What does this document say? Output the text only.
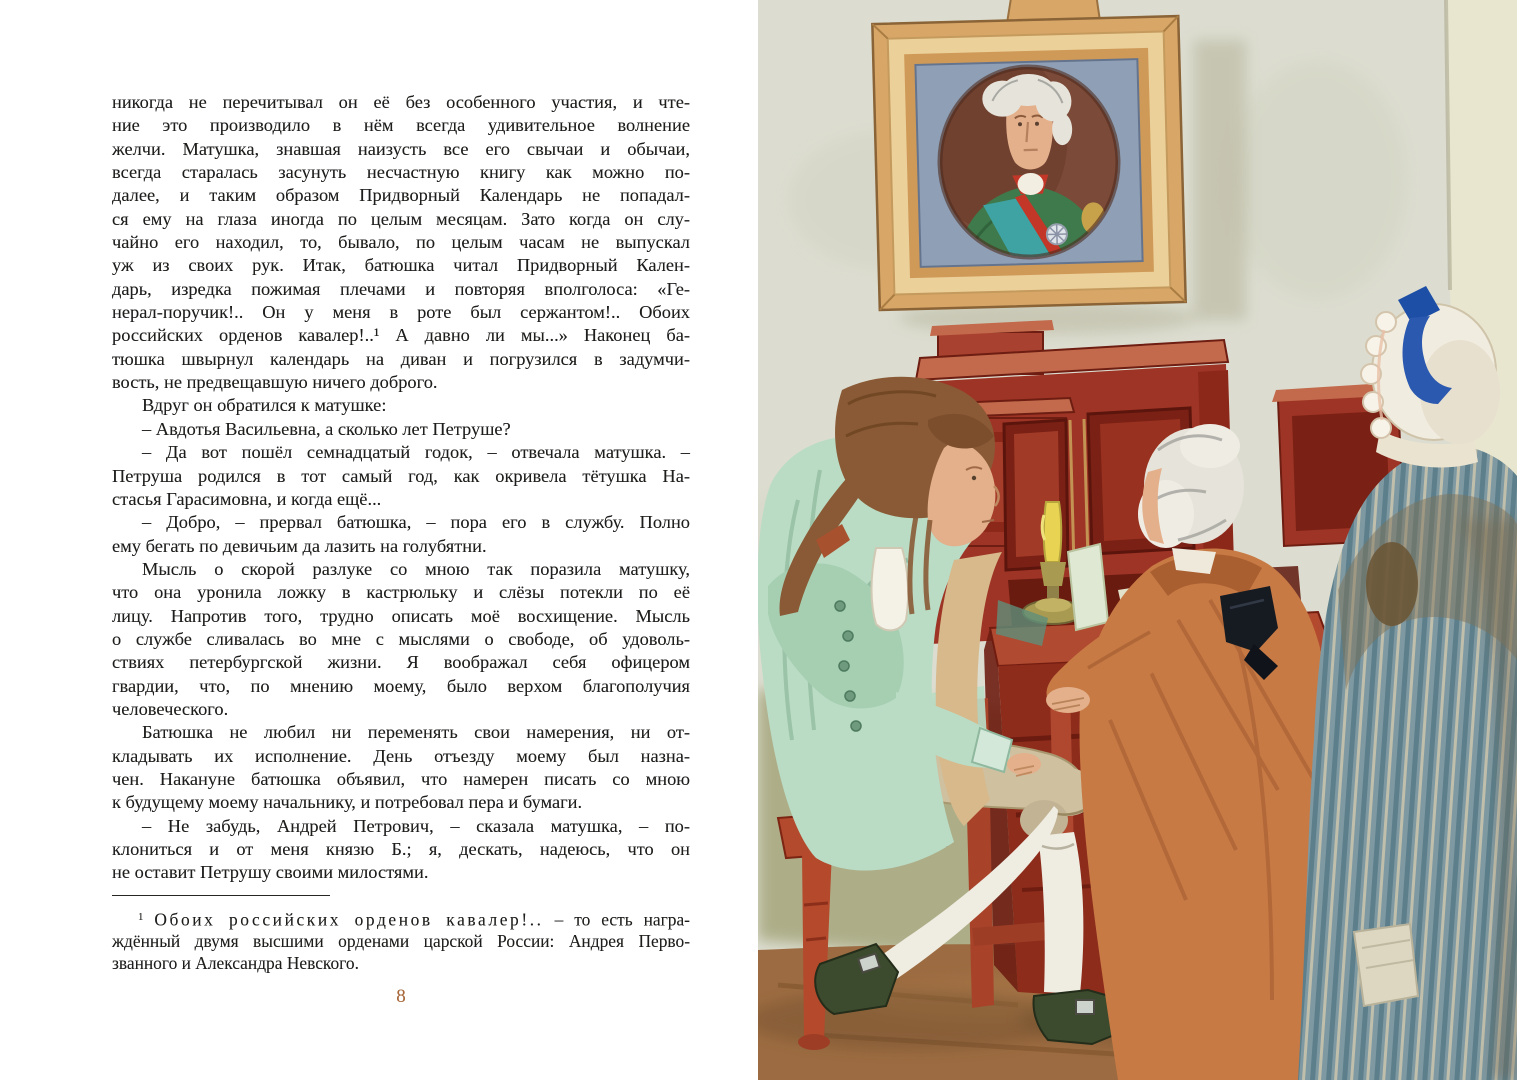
никогда не перечитывал он её без особенного участия, и чте-
ние это производило в нём всегда удивительное волнение
желчи. Матушка, знавшая наизусть все его свычаи и обычаи,
всегда старалась засунуть несчастную книгу как можно по-
далее, и таким образом Придворный Календарь не попадал-
ся ему на глаза иногда по целым месяцам. Зато когда он слу-
чайно его находил, то, бывало, по целым часам не выпускал
уж из своих рук. Итак, батюшка читал Придворный Кален-
дарь, изредка пожимая плечами и повторяя вполголоса: «Ге-
нерал-поручик!.. Он у меня в роте был сержантом!.. Обоих
российских орденов кавалер!..¹ А давно ли мы...» Наконец ба-
тюшка швырнул календарь на диван и погрузился в задумчи-
вость, не предвещавшую ничего доброго.
Вдруг он обратился к матушке:
– Авдотья Васильевна, а сколько лет Петруше?
– Да вот пошёл семнадцатый годок, – отвечала матушка. –
Петруша родился в тот самый год, как окривела тётушка На-
стасья Гарасимовна, и когда ещё...
– Добро, – прервал батюшка, – пора его в службу. Полно
ему бегать по девичьим да лазить на голубятни.
Мысль о скорой разлуке со мною так поразила матушку,
что она уронила ложку в кастрюльку и слёзы потекли по её
лицу. Напротив того, трудно описать моё восхищение. Мысль
о службе сливалась во мне с мыслями о свободе, об удоволь-
ствиях петербургской жизни. Я воображал себя офицером
гвардии, что, по мнению моему, было верхом благополучия
человеческого.
Батюшка не любил ни переменять свои намерения, ни от-
кладывать их исполнение. День отъезду моему был назна-
чен. Накануне батюшка объявил, что намерен писать со мною
к будущему моему начальнику, и потребовал пера и бумаги.
– Не забудь, Андрей Петрович, – сказала матушка, – по-
клониться и от меня князю Б.; я, дескать, надеюсь, что он
не оставит Петрушу своими милостями.
$^1$ Обоих российских орденов кавалер!.. – то есть награ-
ждённый двумя высшими орденами царской России: Андрея Перво-
званного и Александра Невского.
8
